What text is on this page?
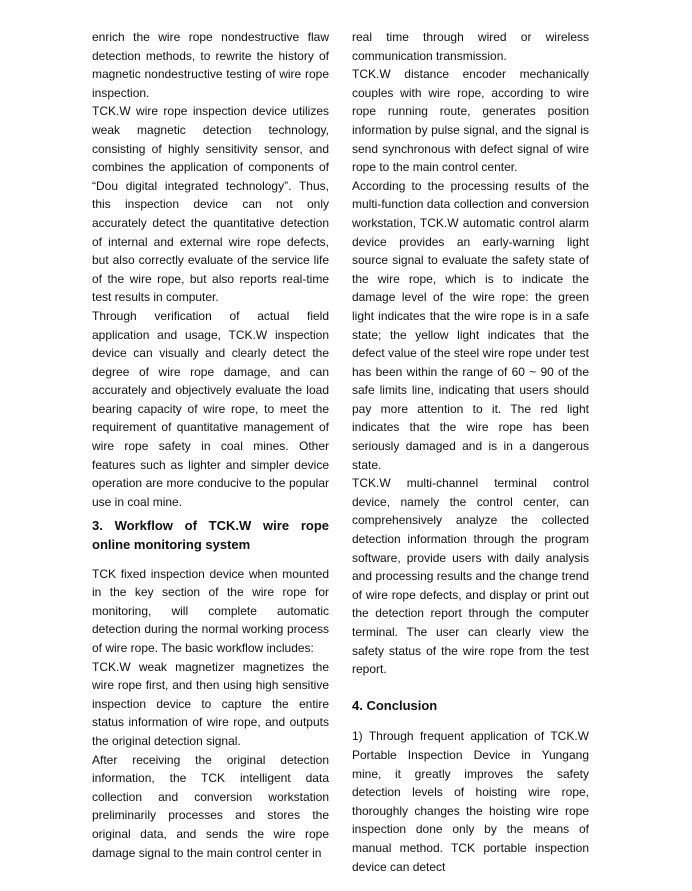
enrich the wire rope nondestructive flaw detection methods, to rewrite the history of magnetic nondestructive testing of wire rope inspection.

TCK.W wire rope inspection device utilizes weak magnetic detection technology, consisting of highly sensitivity sensor, and combines the application of components of “Dou digital integrated technology”. Thus, this inspection device can not only accurately detect the quantitative detection of internal and external wire rope defects, but also correctly evaluate of the service life of the wire rope, but also reports real-time test results in computer.

Through verification of actual field application and usage, TCK.W inspection device can visually and clearly detect the degree of wire rope damage, and can accurately and objectively evaluate the load bearing capacity of wire rope, to meet the requirement of quantitative management of wire rope safety in coal mines. Other features such as lighter and simpler device operation are more conducive to the popular use in coal mine.

3. Workflow of TCK.W wire rope online monitoring system

TCK fixed inspection device when mounted in the key section of the wire rope for monitoring, will complete automatic detection during the normal working process of wire rope. The basic workflow includes:

TCK.W weak magnetizer magnetizes the wire rope first, and then using high sensitive inspection device to capture the entire status information of wire rope, and outputs the original detection signal.

After receiving the original detection information, the TCK intelligent data collection and conversion workstation preliminarily processes and stores the original data, and sends the wire rope damage signal to the main control center in

real time through wired or wireless communication transmission.

TCK.W distance encoder mechanically couples with wire rope, according to wire rope running route, generates position information by pulse signal, and the signal is send synchronous with defect signal of wire rope to the main control center.

According to the processing results of the multi-function data collection and conversion workstation, TCK.W automatic control alarm device provides an early-warning light source signal to evaluate the safety state of the wire rope, which is to indicate the damage level of the wire rope: the green light indicates that the wire rope is in a safe state; the yellow light indicates that the defect value of the steel wire rope under test has been within the range of 60 ~ 90 of the safe limits line, indicating that users should pay more attention to it. The red light indicates that the wire rope has been seriously damaged and is in a dangerous state.

TCK.W multi-channel terminal control device, namely the control center, can comprehensively analyze the collected detection information through the program software, provide users with daily analysis and processing results and the change trend of wire rope defects, and display or print out the detection report through the computer terminal. The user can clearly view the safety status of the wire rope from the test report.

4. Conclusion

1) Through frequent application of TCK.W Portable Inspection Device in Yungang mine, it greatly improves the safety detection levels of hoisting wire rope, thoroughly changes the hoisting wire rope inspection done only by the means of manual method. TCK portable inspection device can detect
